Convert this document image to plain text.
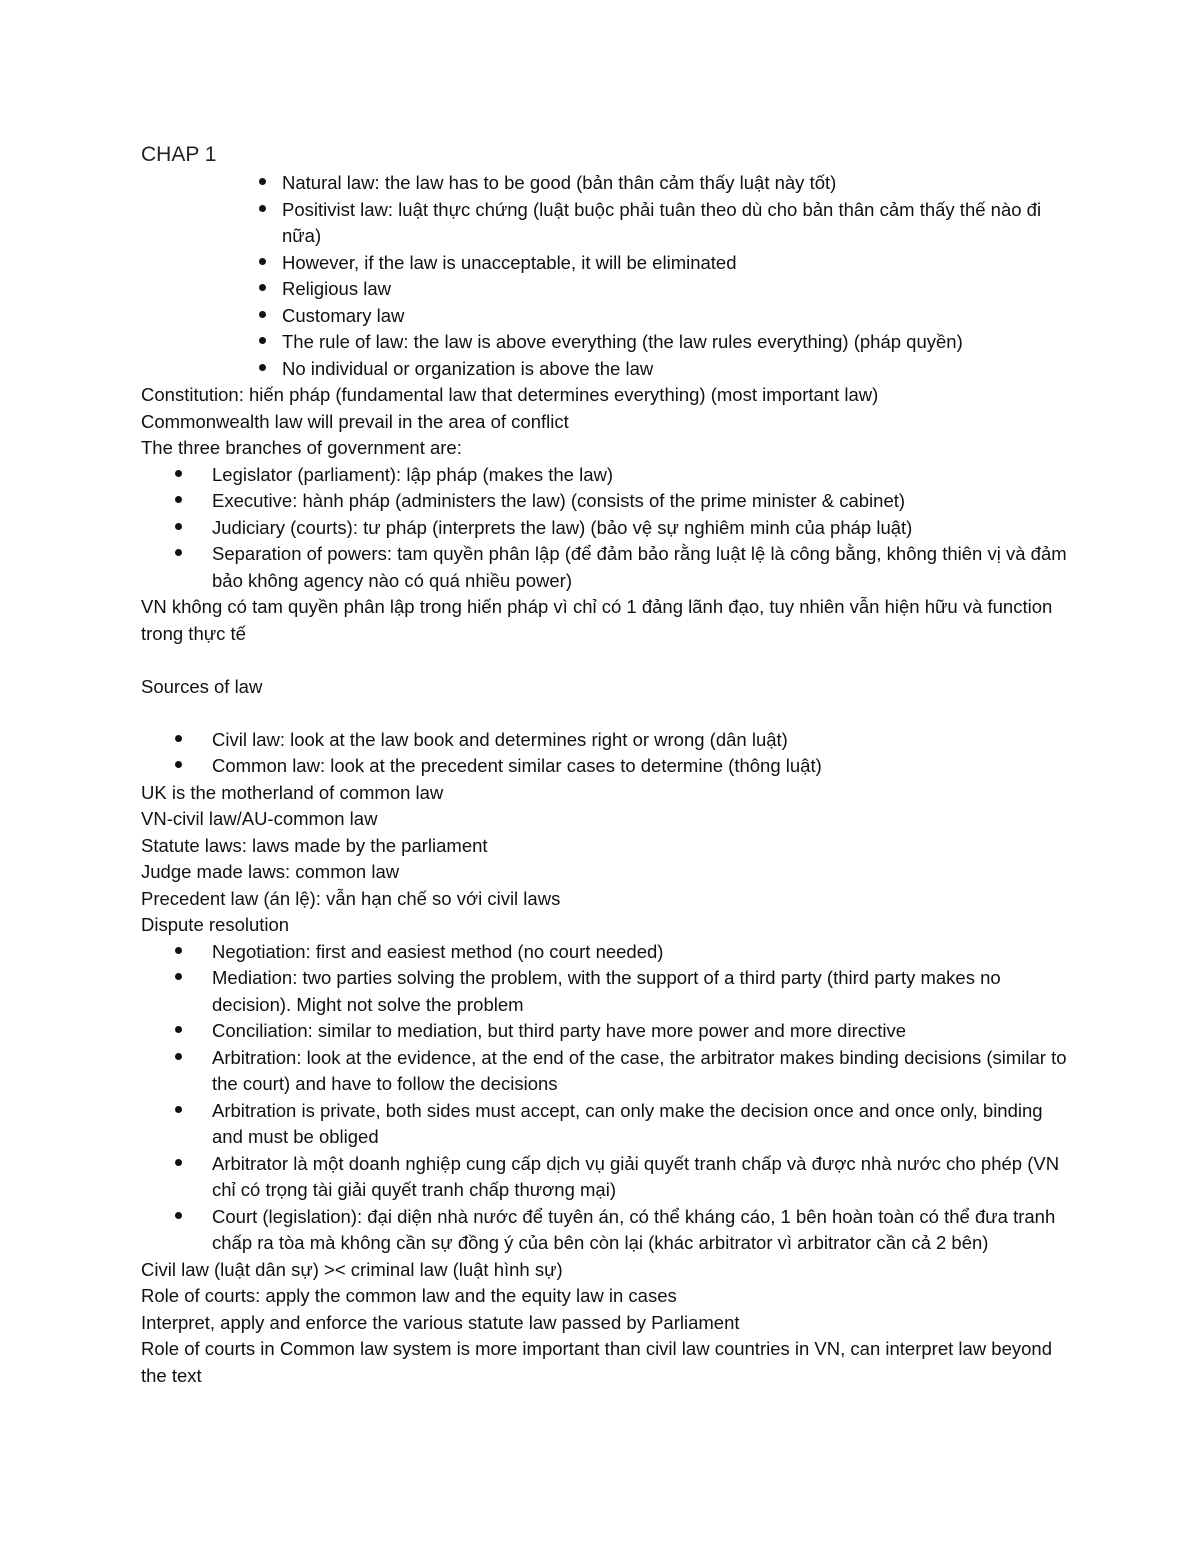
CHAP 1
Natural law: the law has to be good (bản thân cảm thấy luật này tốt)
Positivist law: luật thực chứng (luật buộc phải tuân theo dù cho bản thân cảm thấy thế nào đi nữa)
However, if the law is unacceptable, it will be eliminated
Religious law
Customary law
The rule of law: the law is above everything (the law rules everything) (pháp quyền)
No individual or organization is above the law

Constitution: hiến pháp (fundamental law that determines everything) (most important law)

Commonwealth law will prevail in the area of conflict

The three branches of government are:

Legislator (parliament): lập pháp (makes the law)
Executive: hành pháp (administers the law) (consists of the prime minister & cabinet)
Judiciary (courts): tư pháp (interprets the law) (bảo vệ sự nghiêm minh của pháp luật)
Separation of powers: tam quyền phân lập (để đảm bảo rằng luật lệ là công bằng, không thiên vị và đảm bảo không agency nào có quá nhiều power)

VN không có tam quyền phân lập trong hiến pháp vì chỉ có 1 đảng lãnh đạo, tuy nhiên vẫn hiện hữu và function trong thực tế

Sources of law

Civil law: look at the law book and determines right or wrong (dân luật)
Common law: look at the precedent similar cases to determine (thông luật)

UK is the motherland of common law

VN-civil law/AU-common law

Statute laws: laws made by the parliament

Judge made laws: common law

Precedent law (án lệ): vẫn hạn chế so với civil laws

Dispute resolution

Negotiation: first and easiest method (no court needed)
Mediation: two parties solving the problem, with the support of a third party (third party makes no decision). Might not solve the problem
Conciliation: similar to mediation, but third party have more power and more directive
Arbitration: look at the evidence, at the end of the case, the arbitrator makes binding decisions (similar to the court) and have to follow the decisions
Arbitration is private, both sides must accept, can only make the decision once and once only, binding and must be obliged
Arbitrator là một doanh nghiệp cung cấp dịch vụ giải quyết tranh chấp và được nhà nước cho phép (VN chỉ có trọng tài giải quyết tranh chấp thương mại)
Court (legislation): đại diện nhà nước để tuyên án, có thể kháng cáo, 1 bên hoàn toàn có thể đưa tranh chấp ra tòa mà không cần sự đồng ý của bên còn lại (khác arbitrator vì arbitrator cần cả 2 bên)

Civil law (luật dân sự) >< criminal law (luật hình sự)

Role of courts: apply the common law and the equity law in cases

Interpret, apply and enforce the various statute law passed by Parliament

Role of courts in Common law system is more important than civil law countries in VN, can interpret law beyond the text
